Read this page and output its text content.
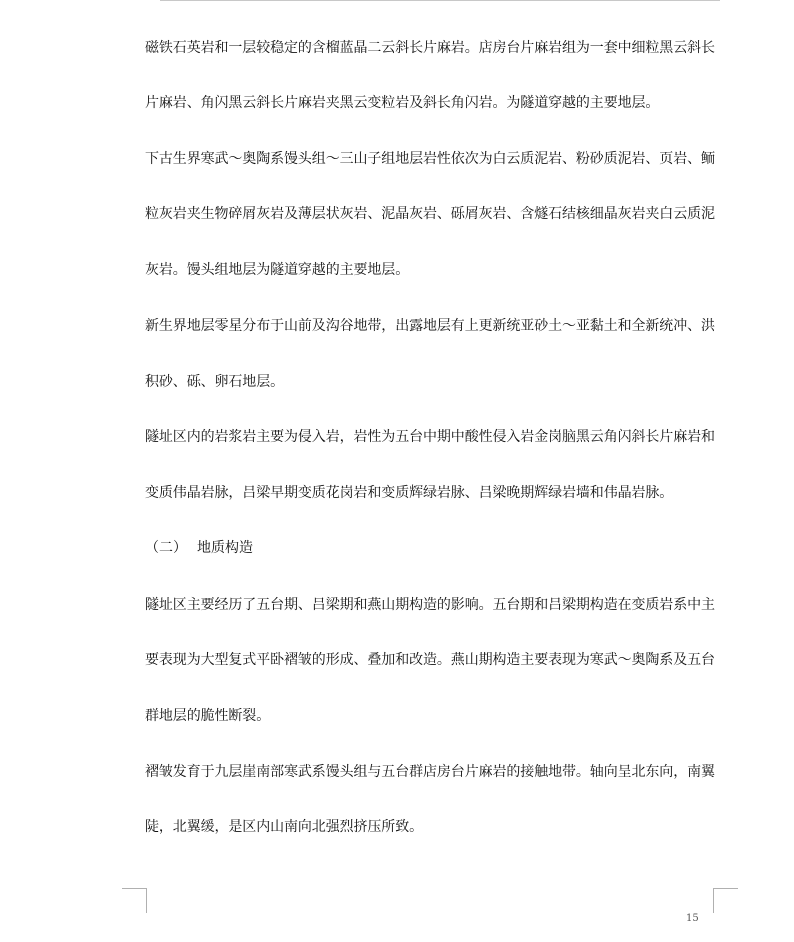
磁铁石英岩和一层较稳定的含榴蓝晶二云斜长片麻岩。店房台片麻岩组为一套中细粒黑云斜长
片麻岩、角闪黑云斜长片麻岩夹黑云变粒岩及斜长角闪岩。为隧道穿越的主要地层。
下古生界寒武～奥陶系馒头组～三山子组地层岩性依次为白云质泥岩、粉砂质泥岩、页岩、鲕
粒灰岩夹生物碎屑灰岩及薄层状灰岩、泥晶灰岩、砾屑灰岩、含燧石结核细晶灰岩夹白云质泥
灰岩。馒头组地层为隧道穿越的主要地层。
新生界地层零星分布于山前及沟谷地带，出露地层有上更新统亚砂土～亚黏土和全新统冲、洪
积砂、砾、卵石地层。
隧址区内的岩浆岩主要为侵入岩，岩性为五台中期中酸性侵入岩金岗脑黑云角闪斜长片麻岩和
变质伟晶岩脉，吕梁早期变质花岗岩和变质辉绿岩脉、吕梁晚期辉绿岩墙和伟晶岩脉。
（二） 地质构造
隧址区主要经历了五台期、吕梁期和燕山期构造的影响。五台期和吕梁期构造在变质岩系中主
要表现为大型复式平卧褶皱的形成、叠加和改造。燕山期构造主要表现为寒武～奥陶系及五台
群地层的脆性断裂。
褶皱发育于九层崖南部寒武系馒头组与五台群店房台片麻岩的接触地带。轴向呈北东向，南翼
陡，北翼缓，是区内山南向北强烈挤压所致。
15
